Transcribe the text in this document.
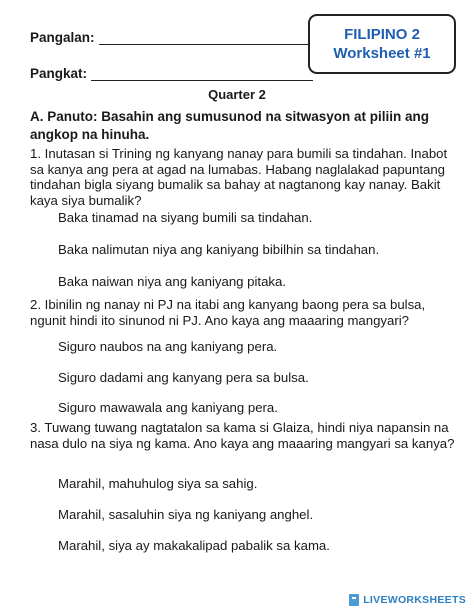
Pangalan:
Pangkat:
FILIPINO 2
Worksheet #1
Quarter 2
A. Panuto: Basahin ang sumusunod na sitwasyon at piliin ang angkop na hinuha.
1. Inutasan si Trining ng kanyang nanay para bumili sa tindahan. Inabot sa kanya ang pera at agad na lumabas. Habang naglalakad papuntang tindahan bigla siyang bumalik sa bahay at nagtanong kay nanay. Bakit kaya siya bumalik?
Baka tinamad na siyang bumili sa tindahan.
Baka nalimutan niya ang kaniyang bibilhin sa tindahan.
Baka naiwan niya ang kaniyang pitaka.
2. Ibinilin ng nanay ni PJ na itabi ang kanyang baong pera sa bulsa, ngunit hindi ito sinunod ni PJ. Ano kaya ang maaaring mangyari?
Siguro naubos na ang kaniyang pera.
Siguro dadami ang kanyang pera sa bulsa.
Siguro mawawala ang kaniyang pera.
3. Tuwang tuwang nagtatalon sa kama si Glaiza, hindi niya napansin na nasa dulo na siya ng kama. Ano kaya ang maaaring mangyari sa kanya?
Marahil, mahuhulog siya sa sahig.
Marahil, sasaluhin siya ng kaniyang anghel.
Marahil, siya ay makakalipad pabalik sa kama.
LIVEWORKSHEETS
